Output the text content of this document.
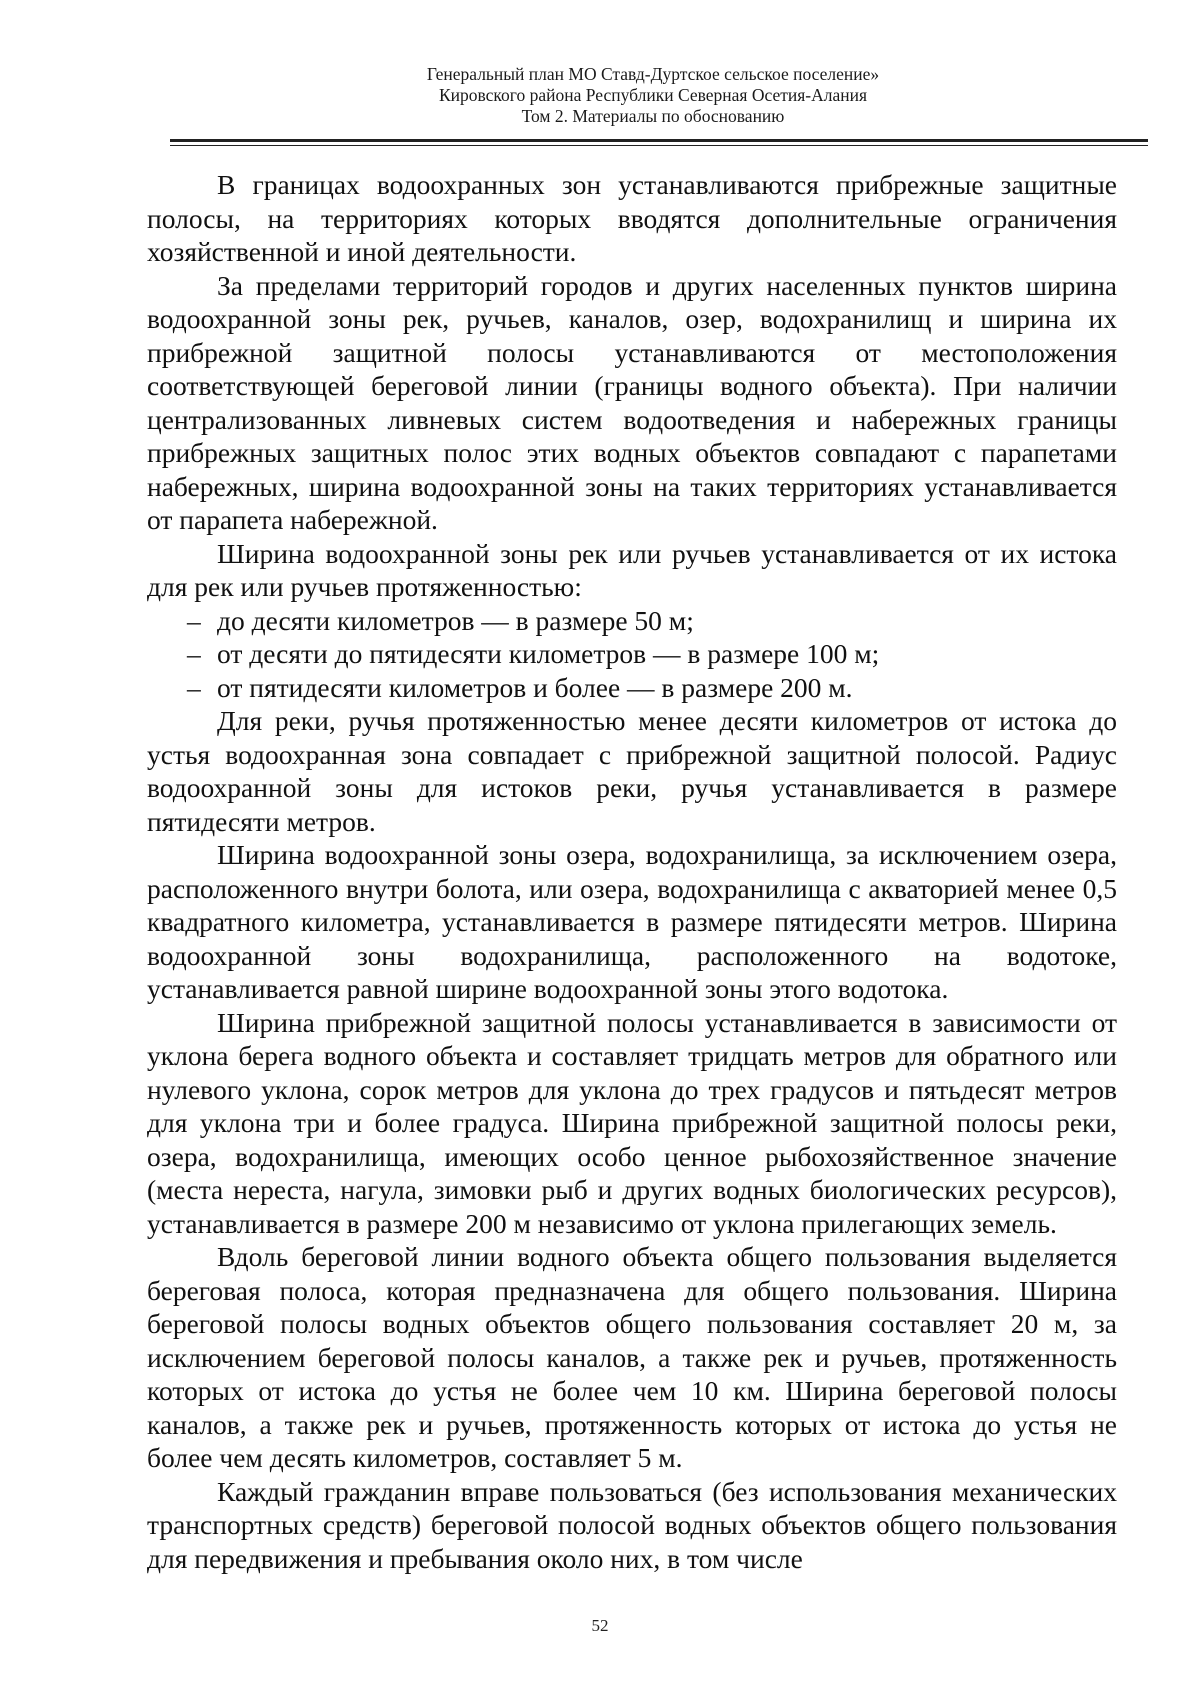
Генеральный план МО Ставд-Дуртское сельское поселение»
Кировского района Республики Северная Осетия-Алания
Том 2. Материалы по обоснованию

В границах водоохранных зон устанавливаются прибрежные защитные полосы, на территориях которых вводятся дополнительные ограничения хозяйственной и иной деятельности.

За пределами территорий городов и других населенных пунктов ширина водоохранной зоны рек, ручьев, каналов, озер, водохранилищ и ширина их прибрежной защитной полосы устанавливаются от местоположения соответствующей береговой линии (границы водного объекта). При наличии централизованных ливневых систем водоотведения и набережных границы прибрежных защитных полос этих водных объектов совпадают с парапетами набережных, ширина водоохранной зоны на таких территориях устанавливается от парапета набережной.

Ширина водоохранной зоны рек или ручьев устанавливается от их истока для рек или ручьев протяженностью:

– до десяти километров — в размере 50 м;
– от десяти до пятидесяти километров — в размере 100 м;
– от пятидесяти километров и более — в размере 200 м.

Для реки, ручья протяженностью менее десяти километров от истока до устья водоохранная зона совпадает с прибрежной защитной полосой. Радиус водоохранной зоны для истоков реки, ручья устанавливается в размере пятидесяти метров.

Ширина водоохранной зоны озера, водохранилища, за исключением озера, расположенного внутри болота, или озера, водохранилища с акваторией менее 0,5 квадратного километра, устанавливается в размере пятидесяти метров. Ширина водоохранной зоны водохранилища, расположенного на водотоке, устанавливается равной ширине водоохранной зоны этого водотока.

Ширина прибрежной защитной полосы устанавливается в зависимости от уклона берега водного объекта и составляет тридцать метров для обратного или нулевого уклона, сорок метров для уклона до трех градусов и пятьдесят метров для уклона три и более градуса. Ширина прибрежной защитной полосы реки, озера, водохранилища, имеющих особо ценное рыбохозяйственное значение (места нереста, нагула, зимовки рыб и других водных биологических ресурсов), устанавливается в размере 200 м независимо от уклона прилегающих земель.

Вдоль береговой линии водного объекта общего пользования выделяется береговая полоса, которая предназначена для общего пользования. Ширина береговой полосы водных объектов общего пользования составляет 20 м, за исключением береговой полосы каналов, а также рек и ручьев, протяженность которых от истока до устья не более чем 10 км. Ширина береговой полосы каналов, а также рек и ручьев, протяженность которых от истока до устья не более чем десять километров, составляет 5 м.

Каждый гражданин вправе пользоваться (без использования механических транспортных средств) береговой полосой водных объектов общего пользования для передвижения и пребывания около них, в том числе

52
